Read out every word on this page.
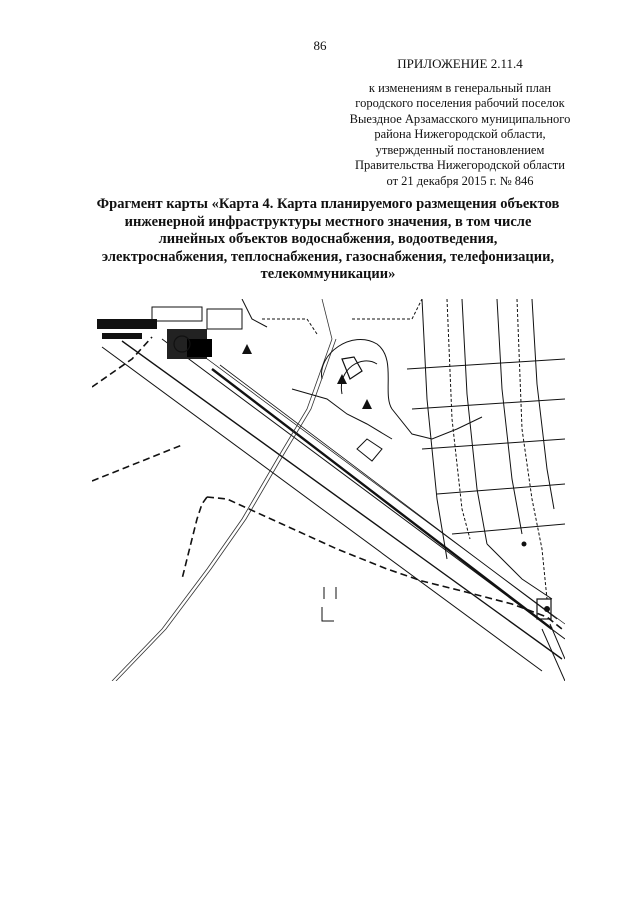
86
ПРИЛОЖЕНИЕ 2.11.4
к изменениям в генеральный план
городского поселения рабочий поселок
Выездное Арзамасского муниципального
района Нижегородской области,
утвержденный постановлением
Правительства Нижегородской области
от 21 декабря 2015 г. № 846
Фрагмент карты «Карта 4. Карта планируемого размещения объектов
инженерной инфраструктуры местного значения, в том числе
линейных объектов водоснабжения, водоотведения,
электроснабжения, теплоснабжения, газоснабжения, телефонизации,
телекоммуникации»
